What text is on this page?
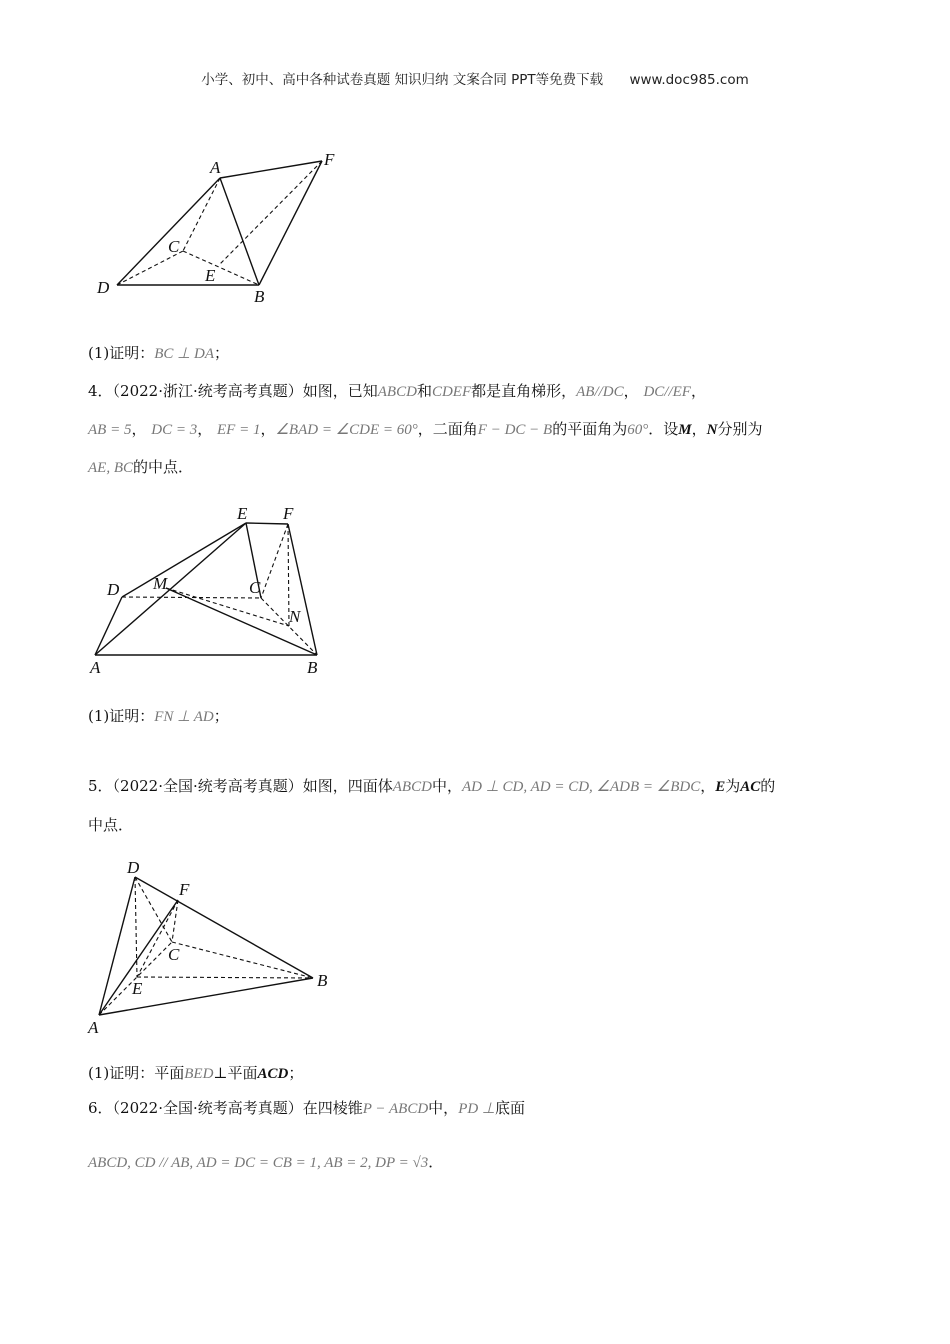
小学、初中、高中各种试卷真题 知识归纳 文案合同 PPT等免费下载 www.doc985.com
A	F
C
E
D	B
(1)证明：BC ⊥ DA；
4．（2022·浙江·统考高考真题）如图，已知ABCD和CDEF都是直角梯形，AB//DC， DC//EF，
AB = 5， DC = 3， EF = 1，∠BAD = ∠CDE = 60°，二面角F − DC − B的平面角为60°．设M，N分别为
AE, BC的中点．
E F
D M	C
N
A	B
(1)证明：FN ⊥ AD；
5．（2022·全国·统考高考真题）如图，四面体ABCD中，AD ⊥ CD, AD = CD, ∠ADB = ∠BDC，E为AC的
中点．
D
F
C
B
E
A
(1)证明：平面BED⊥平面ACD；
6．（2022·全国·统考高考真题）在四棱锥P − ABCD中，PD ⊥底面
ABCD, CD // AB, AD = DC = CB = 1, AB = 2, DP = √3．
